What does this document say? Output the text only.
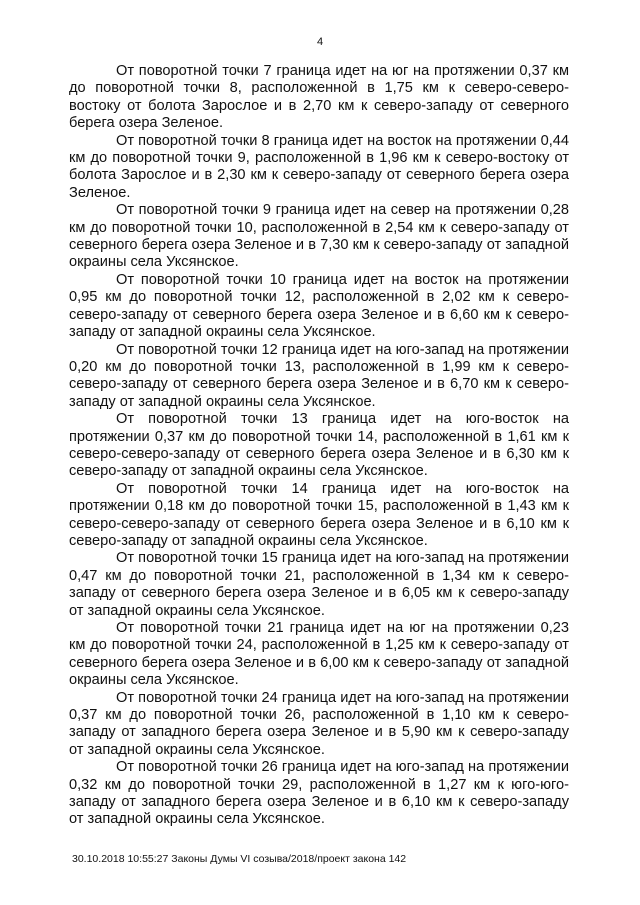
4

От поворотной точки 7 граница идет на юг на протяжении 0,37 км до поворотной точки 8, расположенной в 1,75 км к северо-северо-востоку от болота Зарослое и в 2,70 км к северо-западу от северного берега озера Зеленое.

От поворотной точки 8 граница идет на восток на протяжении 0,44 км до поворотной точки 9, расположенной в 1,96 км к северо-востоку от болота Зарослое и в 2,30 км к северо-западу от северного берега озера Зеленое.

От поворотной точки 9 граница идет на север на протяжении 0,28 км до поворотной точки 10, расположенной в 2,54 км к северо-западу от северного берега озера Зеленое и в 7,30 км к северо-западу от западной окраины села Уксянское.

От поворотной точки 10 граница идет на восток на протяжении 0,95 км до поворотной точки 12, расположенной в 2,02 км к северо-северо-западу от северного берега озера Зеленое и в 6,60 км к северо-западу от западной окраины села Уксянское.

От поворотной точки 12 граница идет на юго-запад на протяжении 0,20 км до поворотной точки 13, расположенной в 1,99 км к северо-северо-западу от северного берега озера Зеленое и в 6,70 км к северо-западу от западной окраины села Уксянское.

От поворотной точки 13 граница идет на юго-восток на протяжении 0,37 км до поворотной точки 14, расположенной в 1,61 км к северо-северо-западу от северного берега озера Зеленое и в 6,30 км к северо-западу от западной окраины села Уксянское.

От поворотной точки 14 граница идет на юго-восток на протяжении 0,18 км до поворотной точки 15, расположенной в 1,43 км к северо-северо-западу от северного берега озера Зеленое и в 6,10 км к северо-западу от западной окраины села Уксянское.

От поворотной точки 15 граница идет на юго-запад на протяжении 0,47 км до поворотной точки 21, расположенной в 1,34 км к северо-западу от северного берега озера Зеленое и в 6,05 км к северо-западу от западной окраины села Уксянское.

От поворотной точки 21 граница идет на юг на протяжении 0,23 км до поворотной точки 24, расположенной в 1,25 км к северо-западу от северного берега озера Зеленое и в 6,00 км к северо-западу от западной окраины села Уксянское.

От поворотной точки 24 граница идет на юго-запад на протяжении 0,37 км до поворотной точки 26, расположенной в 1,10 км к северо-западу от западного берега озера Зеленое и в 5,90 км к северо-западу от западной окраины села Уксянское.

От поворотной точки 26 граница идет на юго-запад на протяжении 0,32 км до поворотной точки 29, расположенной в 1,27 км к юго-юго-западу от западного берега озера Зеленое и в 6,10 км к северо-западу от западной окраины села Уксянское.

30.10.2018 10:55:27 Законы Думы VI созыва/2018/проект закона 142
